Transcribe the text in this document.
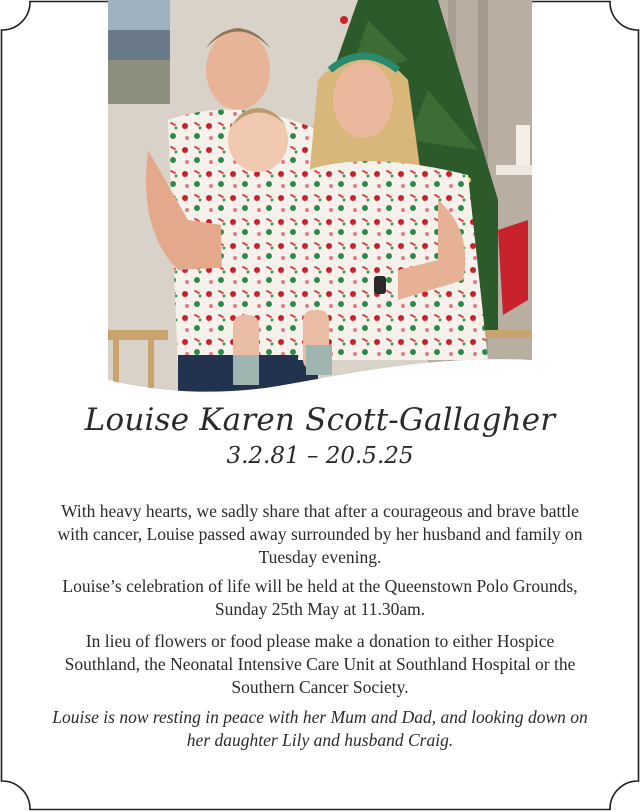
Louise Karen Scott-Gallagher
3.2.81 – 20.5.25
With heavy hearts, we sadly share that after a courageous and brave battle with cancer, Louise passed away surrounded by her husband and family on Tuesday evening.
Louise’s celebration of life will be held at the Queenstown Polo Grounds, Sunday 25th May at 11.30am.
In lieu of flowers or food please make a donation to either Hospice Southland, the Neonatal Intensive Care Unit at Southland Hospital or the Southern Cancer Society.
Louise is now resting in peace with her Mum and Dad, and looking down on her daughter Lily and husband Craig.
